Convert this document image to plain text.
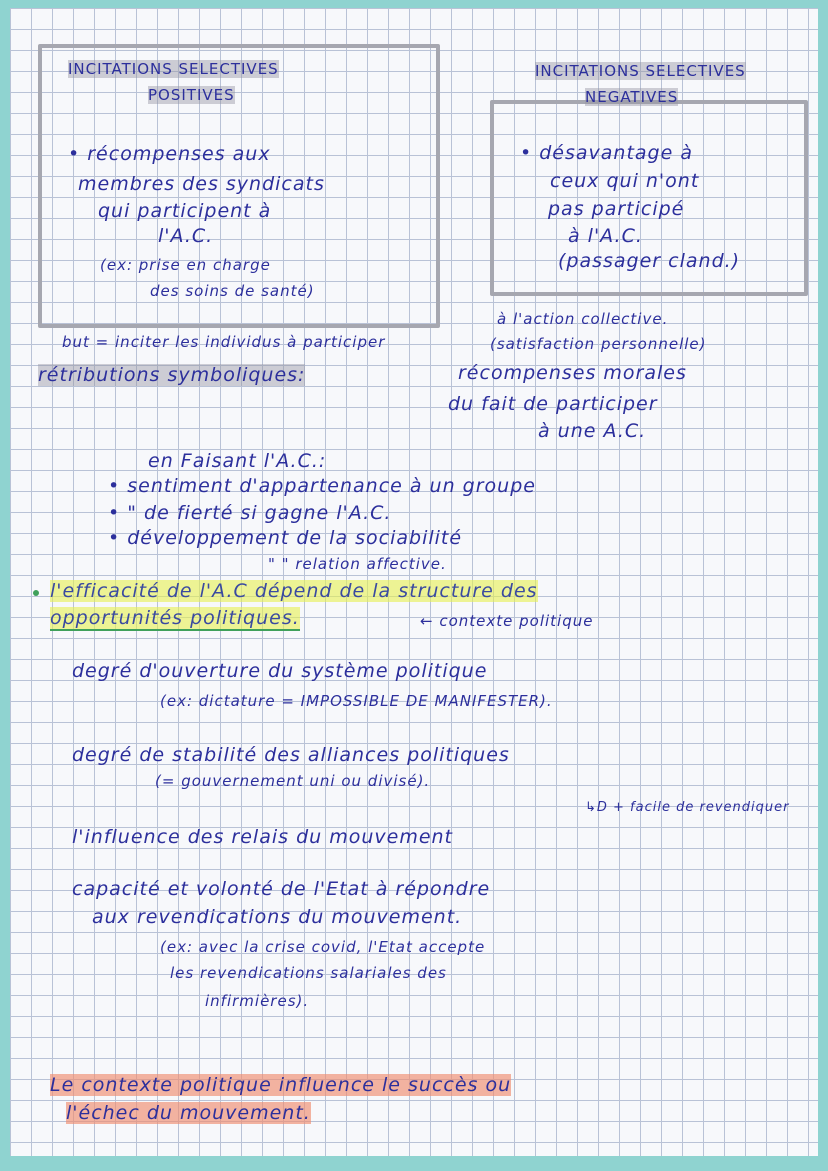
INCITATIONS SELECTIVES
POSITIVES
• récompenses aux
membres des syndicats
qui participent à
l'A.C.
(ex: prise en charge
des soins de santé)
INCITATIONS SELECTIVES
NEGATIVES
• désavantage à
ceux qui n'ont
pas participé
à l'A.C.
(passager cland.)
à l'action collective.
but = inciter les individus à participer	(satisfaction personnelle)
rétributions symboliques:	récompenses morales
du fait de participer
à une A.C.
en Faisant l'A.C.:
• sentiment d'appartenance à un groupe
• " de fierté si gagne l'A.C.
• développement de la sociabilité
" " relation affective.
l'efficacité de l'A.C dépend de la structure des
opportunités politiques.	← contexte politique
degré d'ouverture du système politique
(ex: dictature = IMPOSSIBLE DE MANIFESTER).
degré de stabilité des alliances politiques
(= gouvernement uni ou divisé).
↳D + facile de revendiquer
l'influence des relais du mouvement
capacité et volonté de l'Etat à répondre
aux revendications du mouvement.
(ex: avec la crise covid, l'Etat accepte
les revendications salariales des
infirmières).
Le contexte politique influence le succès ou
l'échec du mouvement.
